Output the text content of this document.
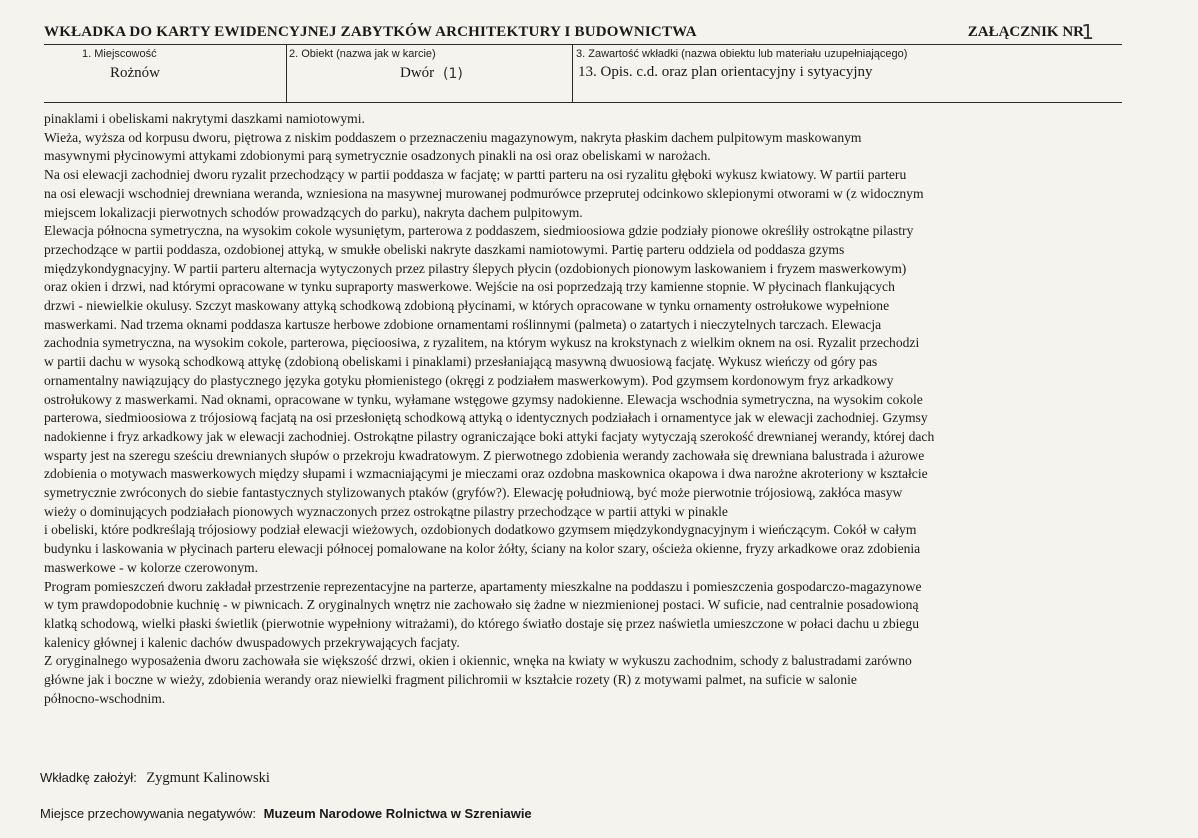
WKŁADKA DO KARTY EWIDENCYJNEJ ZABYTKÓW ARCHITEKTURY I BUDOWNICTWA	ZAŁĄCZNIK NR
1
1. Miejscowość
Rożnów
2. Obiekt (nazwa jak w karcie)
Dwór (1)
3. Zawartość wkładki (nazwa obiektu lub materiału uzupełniającego)
13. Opis. c.d. oraz plan orientacyjny i sytyacyjny
pinaklami i obeliskami nakrytymi daszkami namiotowymi.
Wieża, wyższa od korpusu dworu, piętrowa z niskim poddaszem o przeznaczeniu magazynowym, nakryta płaskim dachem pulpitowym maskowanym
masywnymi płycinowymi attykami zdobionymi parą symetrycznie osadzonych pinakli na osi oraz obeliskami w narożach.
Na osi elewacji zachodniej dworu ryzalit przechodzący w partii poddasza w facjatę; w partti parteru na osi ryzalitu głęboki wykusz kwiatowy. W partii parteru
na osi elewacji wschodniej drewniana weranda, wzniesiona na masywnej murowanej podmurówce przeprutej odcinkowo sklepionymi otworami w (z widocznym
miejscem lokalizacji pierwotnych schodów prowadzących do parku), nakryta dachem pulpitowym.
Elewacja północna symetryczna, na wysokim cokole wysuniętym, parterowa z poddaszem, siedmioosiowa gdzie podziały pionowe określiły ostrokątne pilastry
przechodzące w partii poddasza, ozdobionej attyką, w smukłe obeliski nakryte daszkami namiotowymi. Partię parteru oddziela od poddasza gzyms
międzykondygnacyjny. W partii parteru alternacja wytyczonych przez pilastry ślepych płycin (ozdobionych pionowym laskowaniem i fryzem maswerkowym)
oraz okien i drzwi, nad którymi opracowane w tynku supraporty maswerkowe. Wejście na osi poprzedzają trzy kamienne stopnie. W płycinach flankujących
drzwi - niewielkie okulusy. Szczyt maskowany attyką schodkową zdobioną płycinami, w których opracowane w tynku ornamenty ostrołukowe wypełnione
maswerkami. Nad trzema oknami poddasza kartusze herbowe zdobione ornamentami roślinnymi (palmeta) o zatartych i nieczytelnych tarczach. Elewacja
zachodnia symetryczna, na wysokim cokole, parterowa, pięcioosiwa, z ryzalitem, na którym wykusz na krokstynach z wielkim oknem na osi. Ryzalit przechodzi
w partii dachu w wysoką schodkową attykę (zdobioną obeliskami i pinaklami) przesłaniającą masywną dwuosiową facjatę. Wykusz wieńczy od góry pas
ornamentalny nawiązujący do plastycznego języka gotyku płomienistego (okręgi z podziałem maswerkowym). Pod gzymsem kordonowym fryz arkadkowy
ostrołukowy z maswerkami. Nad oknami, opracowane w tynku, wyłamane wstęgowe gzymsy nadokienne. Elewacja wschodnia symetryczna, na wysokim cokole
parterowa, siedmioosiowa z trójosiową facjatą na osi przesłoniętą schodkową attyką o identycznych podziałach i ornamentyce jak w elewacji zachodniej. Gzymsy
nadokienne i fryz arkadkowy jak w elewacji zachodniej. Ostrokątne pilastry ograniczające boki attyki facjaty wytyczają szerokość drewnianej werandy, której dach
wsparty jest na szeregu sześciu drewnianych słupów o przekroju kwadratowym. Z pierwotnego zdobienia werandy zachowała się drewniana balustrada i ażurowe
zdobienia o motywach maswerkowych między słupami i wzmacniającymi je mieczami oraz ozdobna maskownica okapowa i dwa narożne akroteriony w kształcie
symetrycznie zwróconych do siebie fantastycznych stylizowanych ptaków (gryfów?). Elewację południową, być może pierwotnie trójosiową, zakłóca masyw
wieży o dominujących podziałach pionowych wyznaczonych przez ostrokątne pilastry przechodzące w partii attyki w pinakle
i obeliski, które podkreślają trójosiowy podział elewacji wieżowych, ozdobionych dodatkowo gzymsem międzykondygnacyjnym i wieńczącym. Cokół w całym
budynku i laskowania w płycinach parteru elewacji północej pomalowane na kolor żółty, ściany na kolor szary, ościeża okienne, fryzy arkadkowe oraz zdobienia
maswerkowe - w kolorze czerowonym.
Program pomieszczeń dworu zakładał przestrzenie reprezentacyjne na parterze, apartamenty mieszkalne na poddaszu i pomieszczenia gospodarczo-magazynowe
w tym prawdopodobnie kuchnię - w piwnicach. Z oryginalnych wnętrz nie zachowało się żadne w niezmienionej postaci. W suficie, nad centralnie posadowioną
klatką schodową, wielki płaski świetlik (pierwotnie wypełniony witrażami), do którego światło dostaje się przez naświetla umieszczone w połaci dachu u zbiegu
kalenicy głównej i kalenic dachów dwuspadowych przekrywających facjaty.
Z oryginalnego wyposażenia dworu zachowała sie większość drzwi, okien i okiennic, wnęka na kwiaty w wykuszu zachodnim, schody z balustradami zarówno
główne jak i boczne w wieży, zdobienia werandy oraz niewielki fragment pilichromii w kształcie rozety (R) z motywami palmet, na suficie w salonie
północno-wschodnim.
Wkładkę założył: Zygmunt Kalinowski
Miejsce przechowywania negatywów: Muzeum Narodowe Rolnictwa w Szreniawie
